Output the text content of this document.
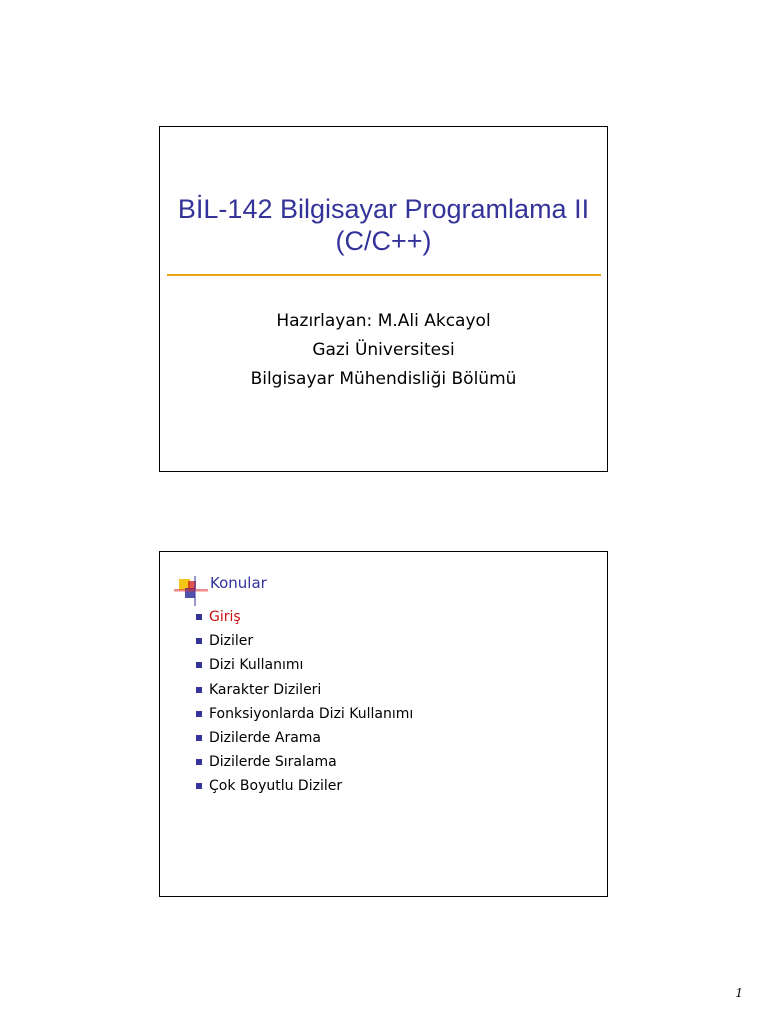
BİL-142 Bilgisayar Programlama II
(C/C++)
Hazırlayan: M.Ali Akcayol
Gazi Üniversitesi
Bilgisayar Mühendisliği Bölümü
Konular
Giriş
Diziler
Dizi Kullanımı
Karakter Dizileri
Fonksiyonlarda Dizi Kullanımı
Dizilerde Arama
Dizilerde Sıralama
Çok Boyutlu Diziler
1
